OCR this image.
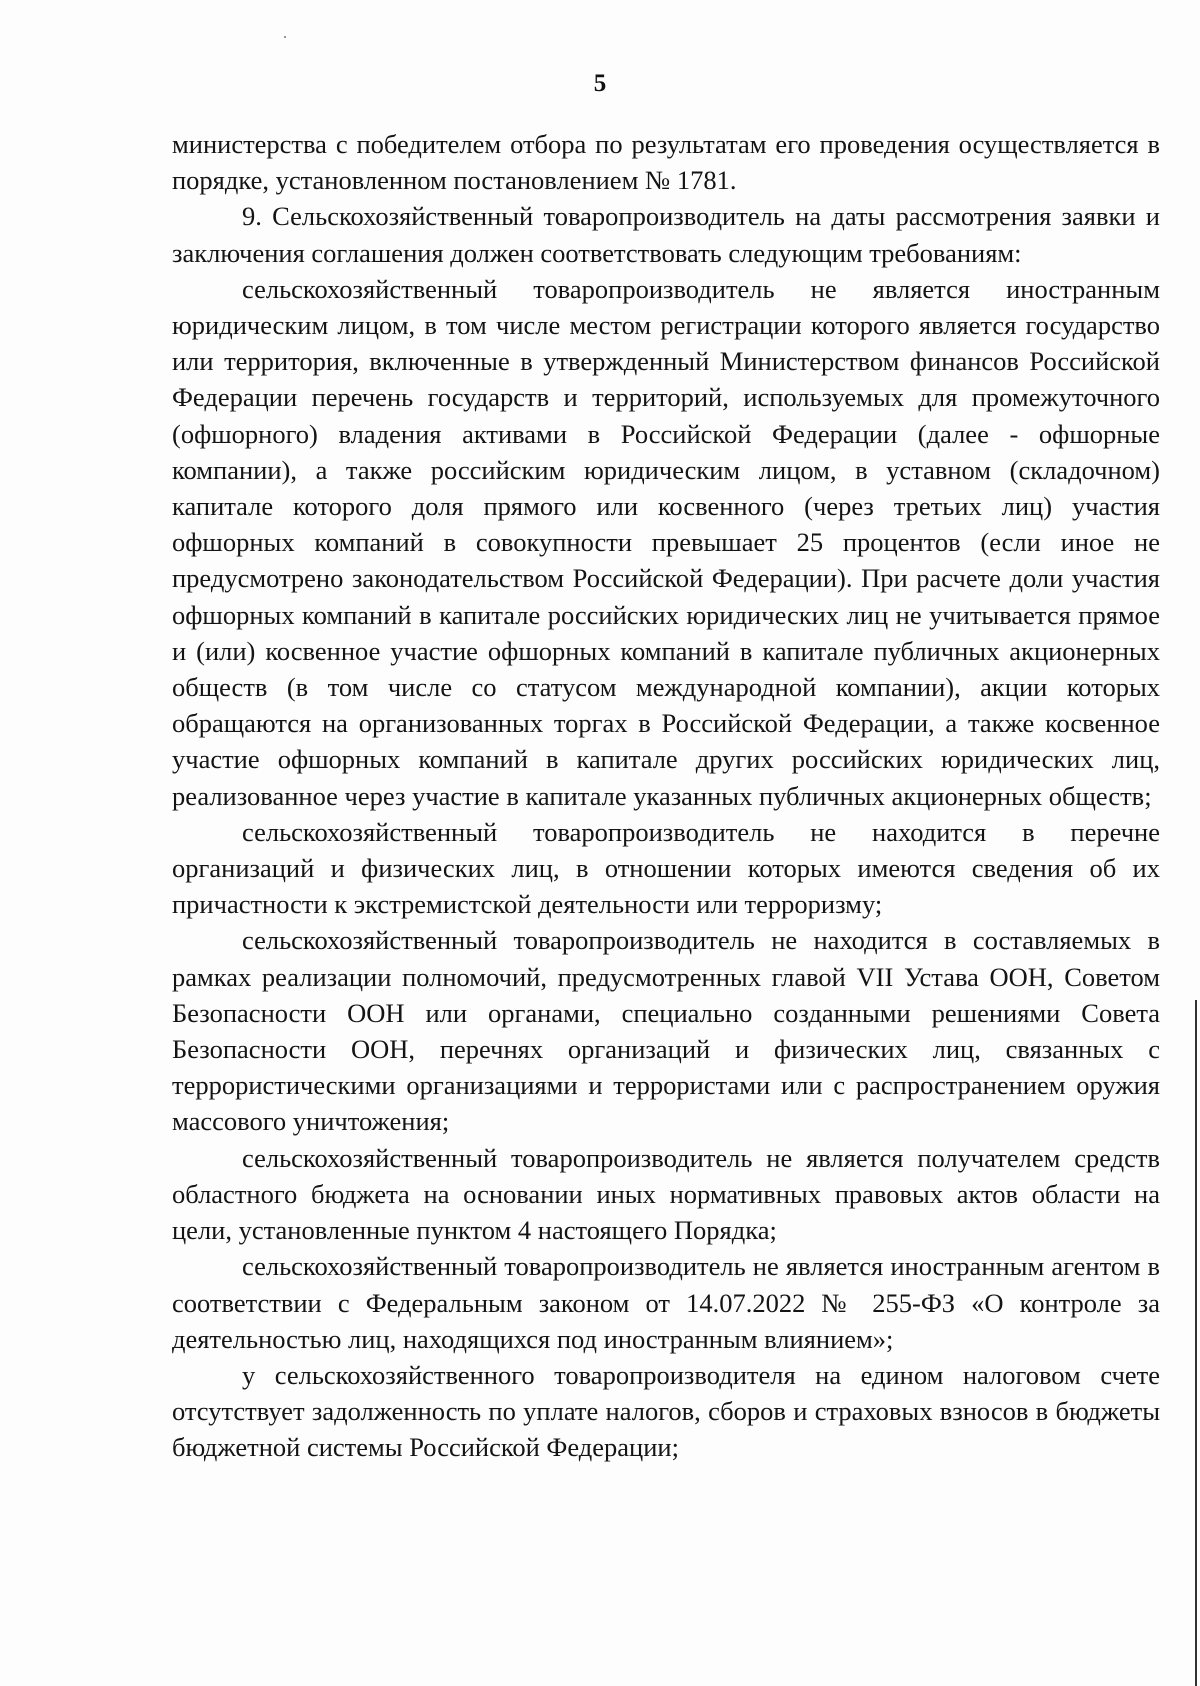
5

министерства с победителем отбора по результатам его проведения осуществляется в порядке, установленном постановлением № 1781.

9. Сельскохозяйственный товаропроизводитель на даты рассмотрения заявки и заключения соглашения должен соответствовать следующим требованиям:

сельскохозяйственный товаропроизводитель не является иностранным юридическим лицом, в том числе местом регистрации которого является государство или территория, включенные в утвержденный Министерством финансов Российской Федерации перечень государств и территорий, используемых для промежуточного (офшорного) владения активами в Российской Федерации (далее - офшорные компании), а также российским юридическим лицом, в уставном (складочном) капитале которого доля прямого или косвенного (через третьих лиц) участия офшорных компаний в совокупности превышает 25 процентов (если иное не предусмотрено законодательством Российской Федерации). При расчете доли участия офшорных компаний в капитале российских юридических лиц не учитывается прямое и (или) косвенное участие офшорных компаний в капитале публичных акционерных обществ (в том числе со статусом международной компании), акции которых обращаются на организованных торгах в Российской Федерации, а также косвенное участие офшорных компаний в капитале других российских юридических лиц, реализованное через участие в капитале указанных публичных акционерных обществ;

сельскохозяйственный товаропроизводитель не находится в перечне организаций и физических лиц, в отношении которых имеются сведения об их причастности к экстремистской деятельности или терроризму;

сельскохозяйственный товаропроизводитель не находится в составляемых в рамках реализации полномочий, предусмотренных главой VII Устава ООН, Советом Безопасности ООН или органами, специально созданными решениями Совета Безопасности ООН, перечнях организаций и физических лиц, связанных с террористическими организациями и террористами или с распространением оружия массового уничтожения;

сельскохозяйственный товаропроизводитель не является получателем средств областного бюджета на основании иных нормативных правовых актов области на цели, установленные пунктом 4 настоящего Порядка;

сельскохозяйственный товаропроизводитель не является иностранным агентом в соответствии с Федеральным законом от 14.07.2022 № 255-ФЗ «О контроле за деятельностью лиц, находящихся под иностранным влиянием»;

у сельскохозяйственного товаропроизводителя на едином налоговом счете отсутствует задолженность по уплате налогов, сборов и страховых взносов в бюджеты бюджетной системы Российской Федерации;
